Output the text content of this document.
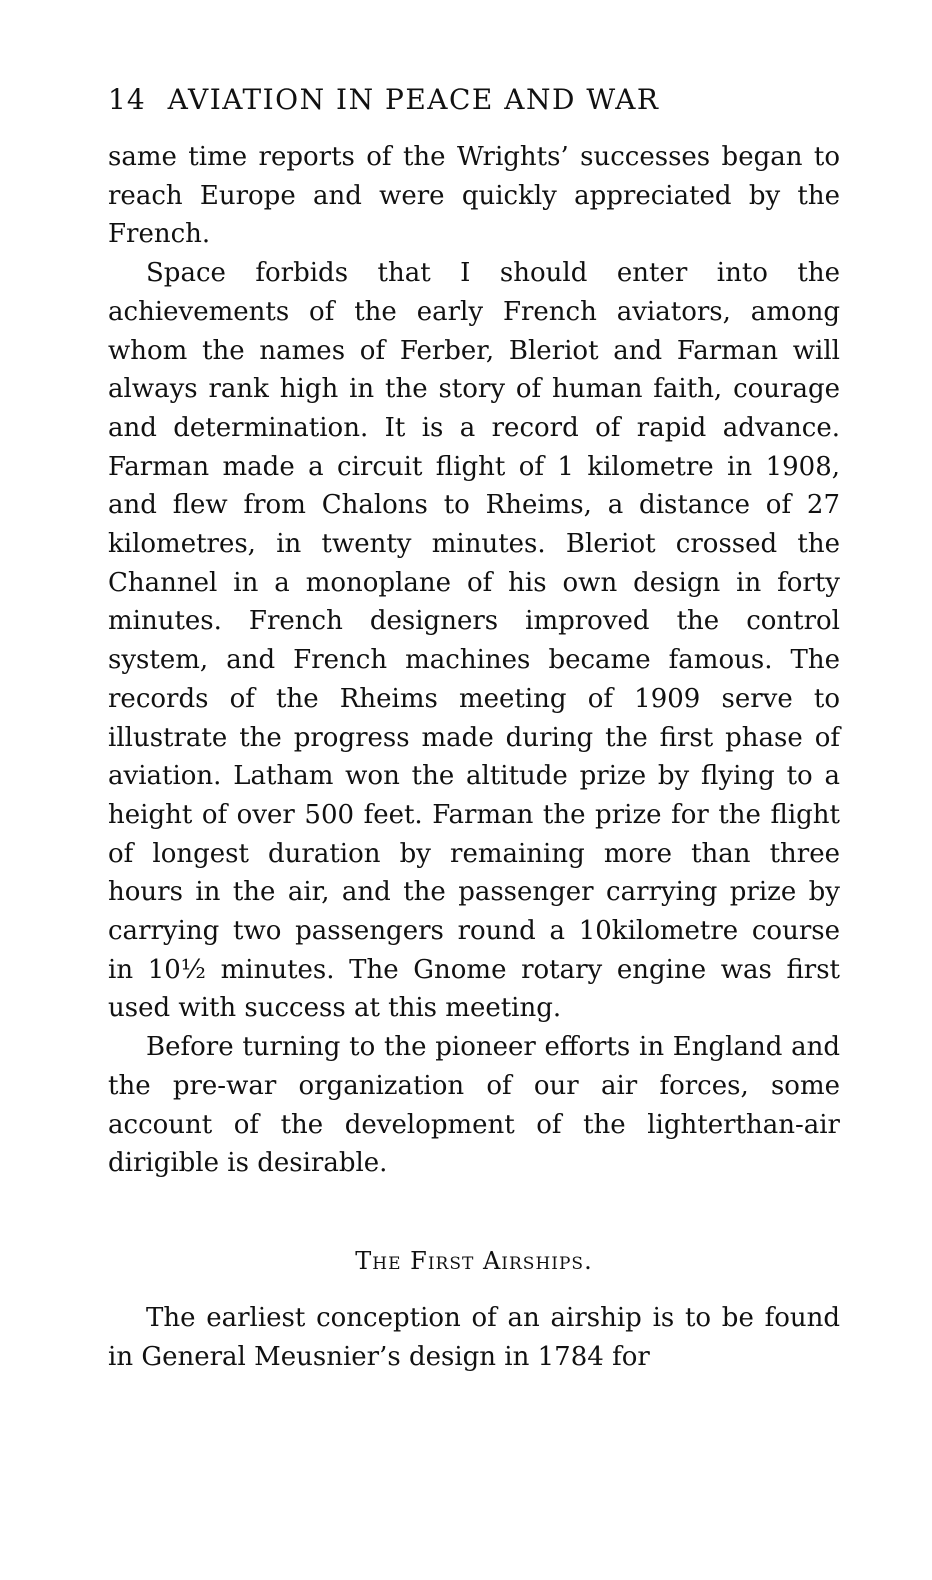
14 AVIATION IN PEACE AND WAR

same time reports of the Wrights’ successes began to reach Europe and were quickly appreciated by the French.

Space forbids that I should enter into the achievements of the early French aviators, among whom the names of Ferber, Bleriot and Farman will always rank high in the story of human faith, courage and determination. It is a record of rapid advance. Farman made a circuit flight of 1 kilometre in 1908, and flew from Chalons to Rheims, a distance of 27 kilometres, in twenty minutes. Bleriot crossed the Channel in a monoplane of his own design in forty minutes. French designers improved the control system, and French machines became famous. The records of the Rheims meeting of 1909 serve to illustrate the progress made during the first phase of aviation. Latham won the altitude prize by flying to a height of over 500 feet. Farman the prize for the flight of longest duration by remaining more than three hours in the air, and the passenger carrying prize by carrying two passengers round a 10kilometre course in 10½ minutes. The Gnome rotary engine was first used with success at this meeting.

Before turning to the pioneer efforts in England and the pre-war organization of our air forces, some account of the development of the lighterthan-air dirigible is desirable.

The First Airships.

The earliest conception of an airship is to be found in General Meusnier’s design in 1784 for
